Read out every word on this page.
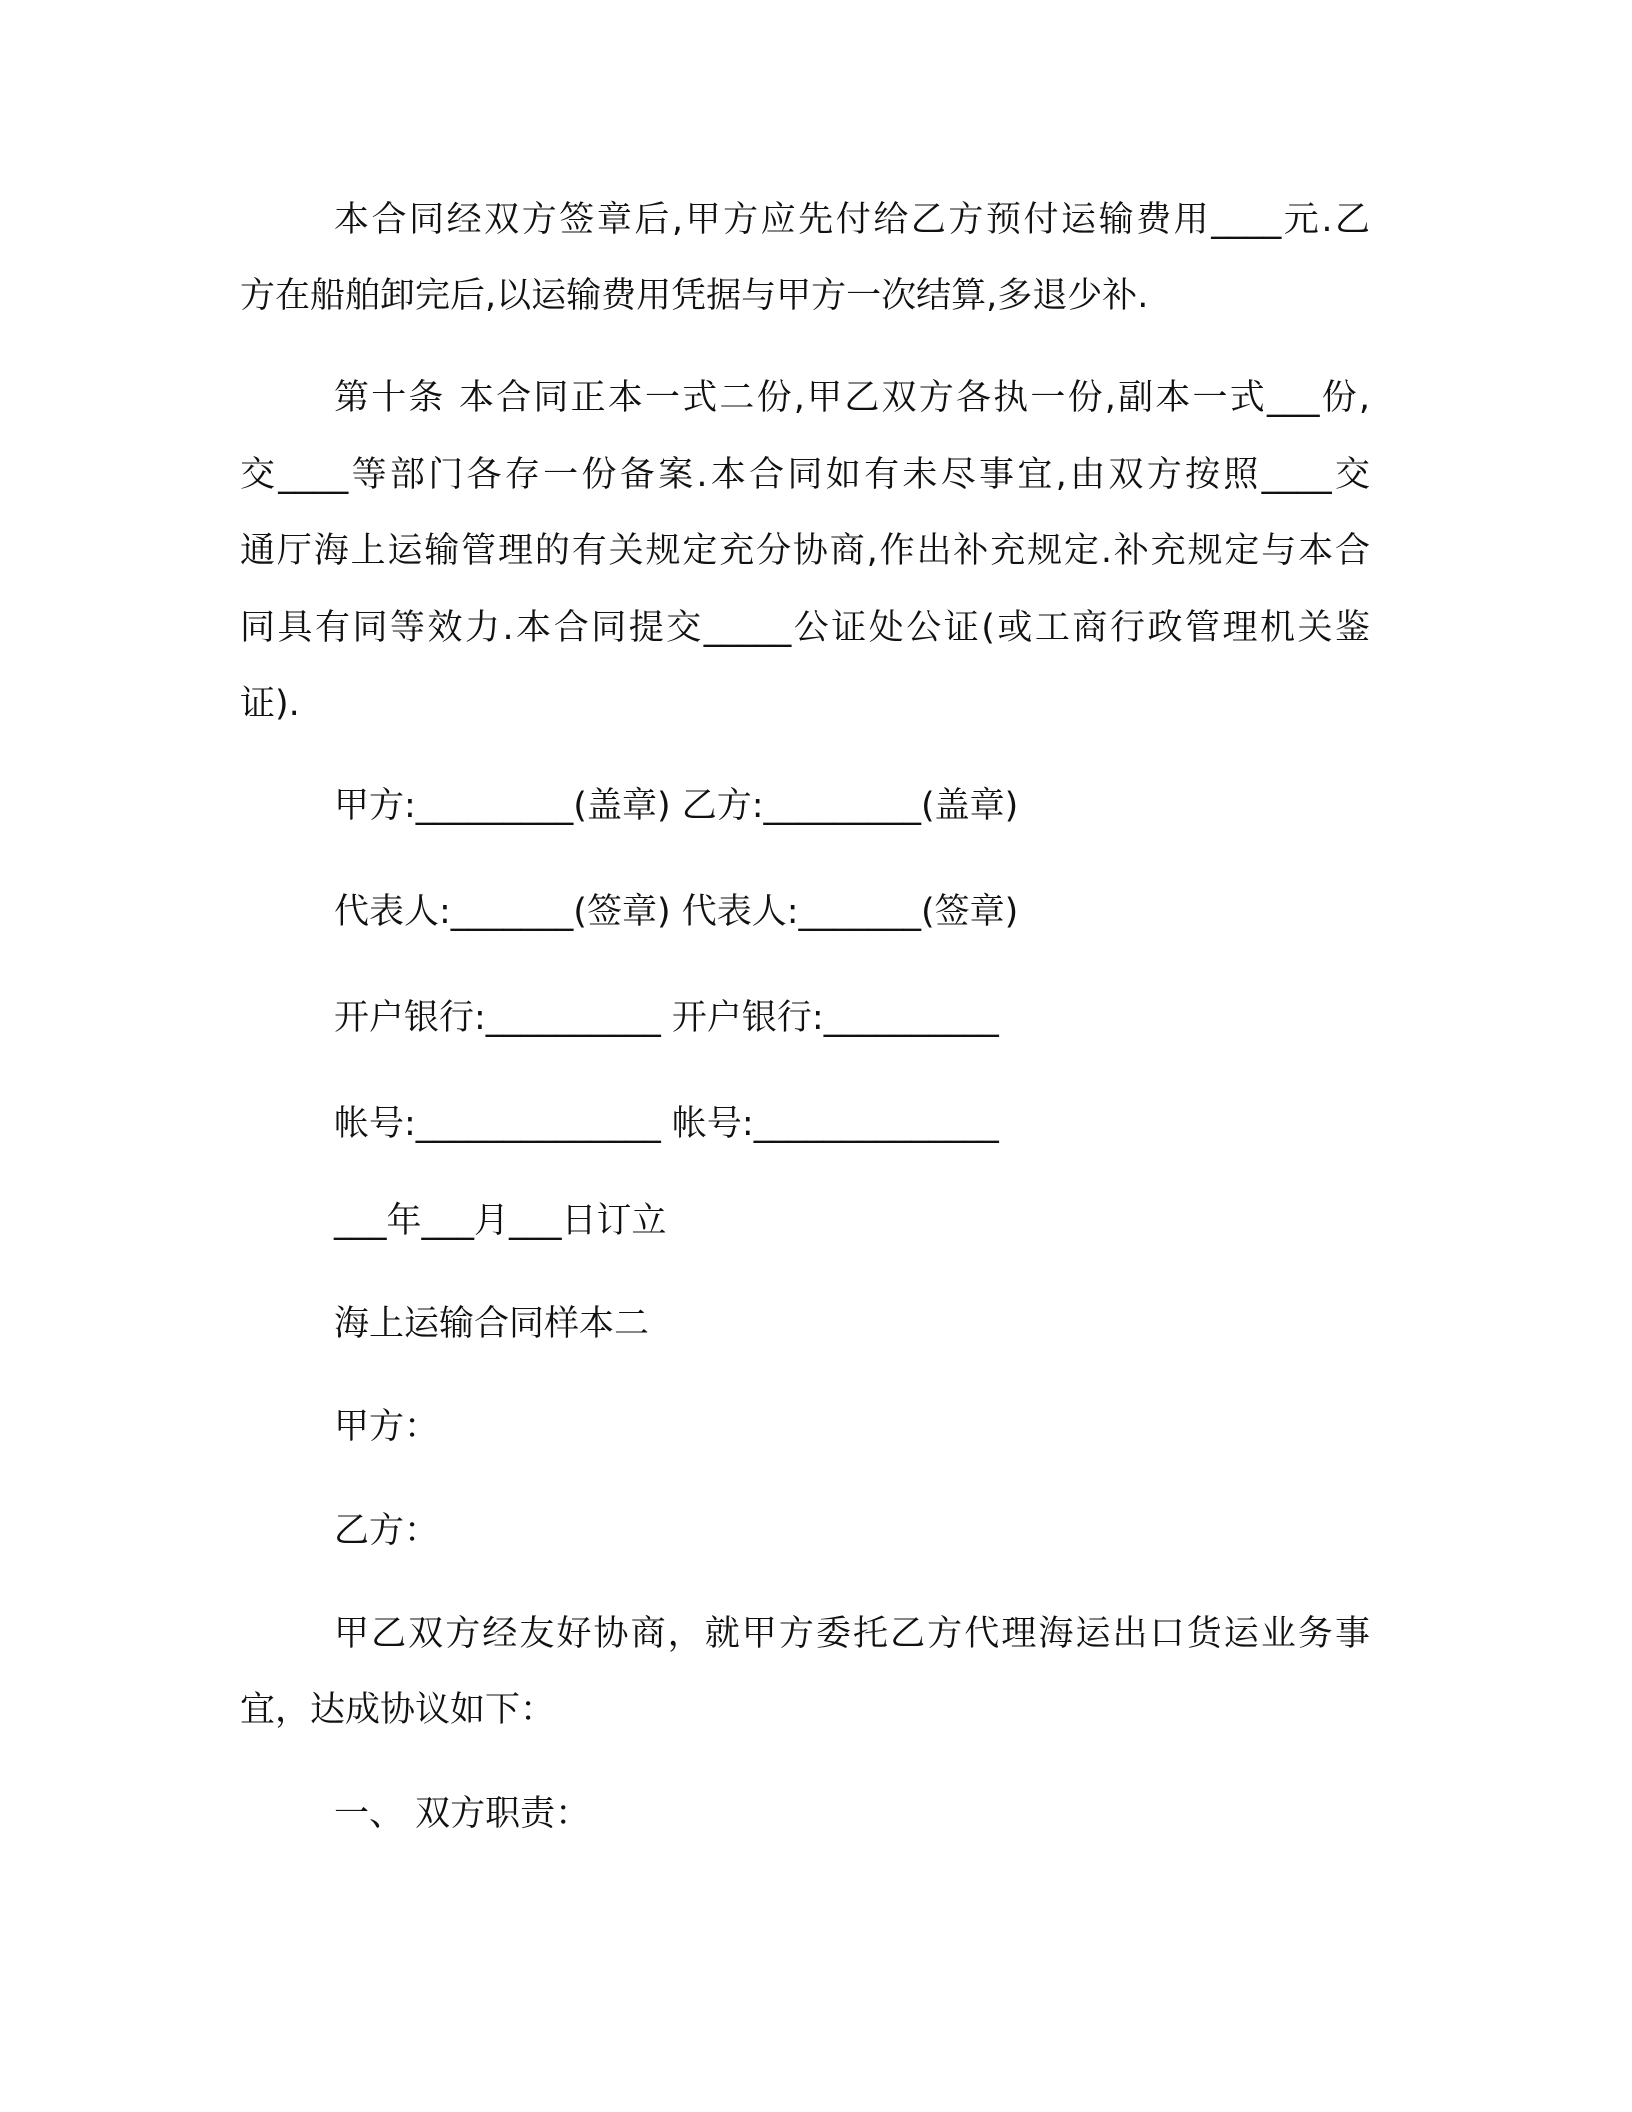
本合同经双方签章后,甲方应先付给乙方预付运输费用____元.乙
方在船舶卸完后,以运输费用凭据与甲方一次结算,多退少补.
第十条 本合同正本一式二份,甲乙双方各执一份,副本一式___份,
交____等部门各存一份备案.本合同如有未尽事宜,由双方按照____交
通厅海上运输管理的有关规定充分协商,作出补充规定.补充规定与本合
同具有同等效力.本合同提交_____公证处公证(或工商行政管理机关鉴
证).
甲方:_________(盖章) 乙方:_________(盖章)
代表人:_______(签章) 代表人:_______(签章)
开户银行:__________ 开户银行:__________
帐号:______________ 帐号:______________
___年___月___日订立
海上运输合同样本二
甲方：
乙方：
甲乙双方经友好协商，就甲方委托乙方代理海运出口货运业务事
宜，达成协议如下：
一、 双方职责：
